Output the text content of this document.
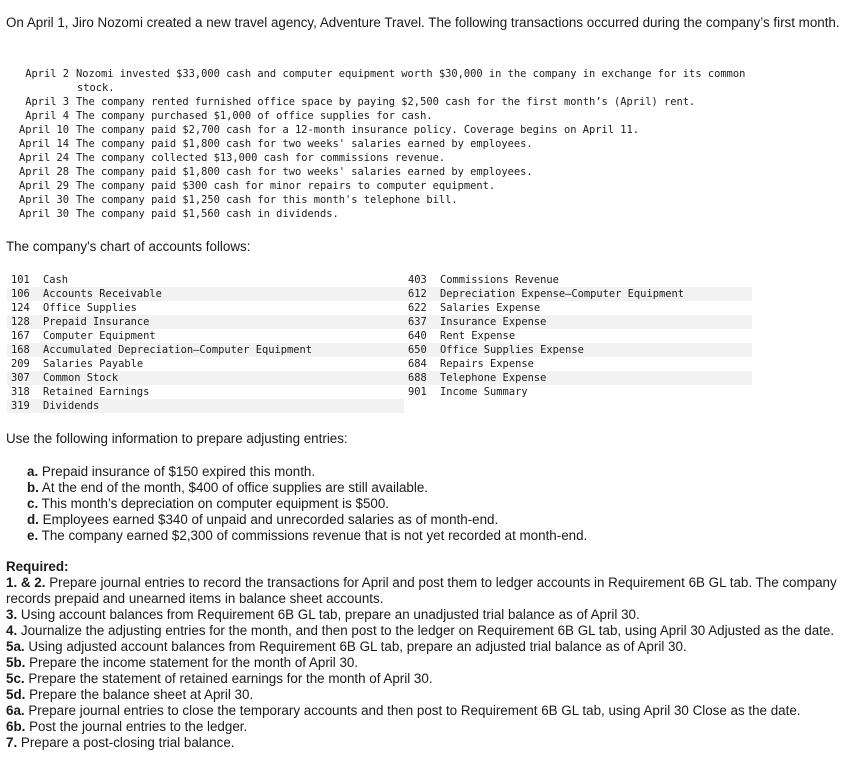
On April 1, Jiro Nozomi created a new travel agency, Adventure Travel. The following transactions occurred during the company’s first month.
April 2 Nozomi invested $33,000 cash and computer equipment worth $30,000 in the company in exchange for its common
stock.
April 3 The company rented furnished office space by paying $2,500 cash for the first month’s (April) rent.
April 4 The company purchased $1,000 of office supplies for cash.
April 10 The company paid $2,700 cash for a 12-month insurance policy. Coverage begins on April 11.
April 14 The company paid $1,800 cash for two weeks' salaries earned by employees.
April 24 The company collected $13,000 cash for commissions revenue.
April 28 The company paid $1,800 cash for two weeks' salaries earned by employees.
April 29 The company paid $300 cash for minor repairs to computer equipment.
April 30 The company paid $1,250 cash for this month's telephone bill.
April 30 The company paid $1,560 cash in dividends.
The company's chart of accounts follows:
101	Cash	403	Commissions Revenue
106	Accounts Receivable	612	Depreciation Expense—Computer Equipment
124	Office Supplies	622	Salaries Expense
128	Prepaid Insurance	637	Insurance Expense
167	Computer Equipment	640	Rent Expense
168	Accumulated Depreciation—Computer Equipment	650	Office Supplies Expense
209	Salaries Payable	684	Repairs Expense
307	Common Stock	688	Telephone Expense
318	Retained Earnings	901	Income Summary
319	Dividends
Use the following information to prepare adjusting entries:
a. Prepaid insurance of $150 expired this month.
b. At the end of the month, $400 of office supplies are still available.
c. This month’s depreciation on computer equipment is $500.
d. Employees earned $340 of unpaid and unrecorded salaries as of month-end.
e. The company earned $2,300 of commissions revenue that is not yet recorded at month-end.
Required:
1. & 2. Prepare journal entries to record the transactions for April and post them to ledger accounts in Requirement 6B GL tab. The company records prepaid and unearned items in balance sheet accounts.
3. Using account balances from Requirement 6B GL tab, prepare an unadjusted trial balance as of April 30.
4. Journalize the adjusting entries for the month, and then post to the ledger on Requirement 6B GL tab, using April 30 Adjusted as the date.
5a. Using adjusted account balances from Requirement 6B GL tab, prepare an adjusted trial balance as of April 30.
5b. Prepare the income statement for the month of April 30.
5c. Prepare the statement of retained earnings for the month of April 30.
5d. Prepare the balance sheet at April 30.
6a. Prepare journal entries to close the temporary accounts and then post to Requirement 6B GL tab, using April 30 Close as the date.
6b. Post the journal entries to the ledger.
7. Prepare a post-closing trial balance.
